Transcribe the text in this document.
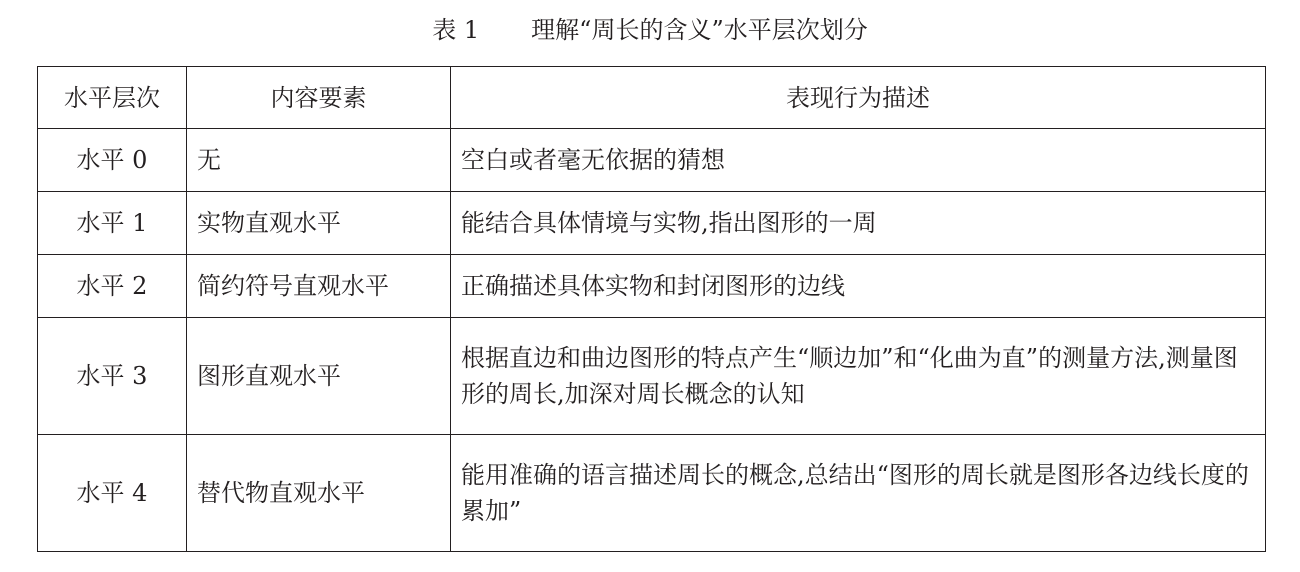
表 1 理解“周长的含义”水平层次划分
水平层次	内容要素	表现行为描述
水平 0	无	空白或者毫无依据的猜想
水平 1	实物直观水平	能结合具体情境与实物,指出图形的一周
水平 2	简约符号直观水平	正确描述具体实物和封闭图形的边线
水平 3	图形直观水平	根据直边和曲边图形的特点产生“顺边加”和“化曲为直”的测量方法,测量图形的周长,加深对周长概念的认知
水平 4	替代物直观水平	能用准确的语言描述周长的概念,总结出“图形的周长就是图形各边线长度的累加”
